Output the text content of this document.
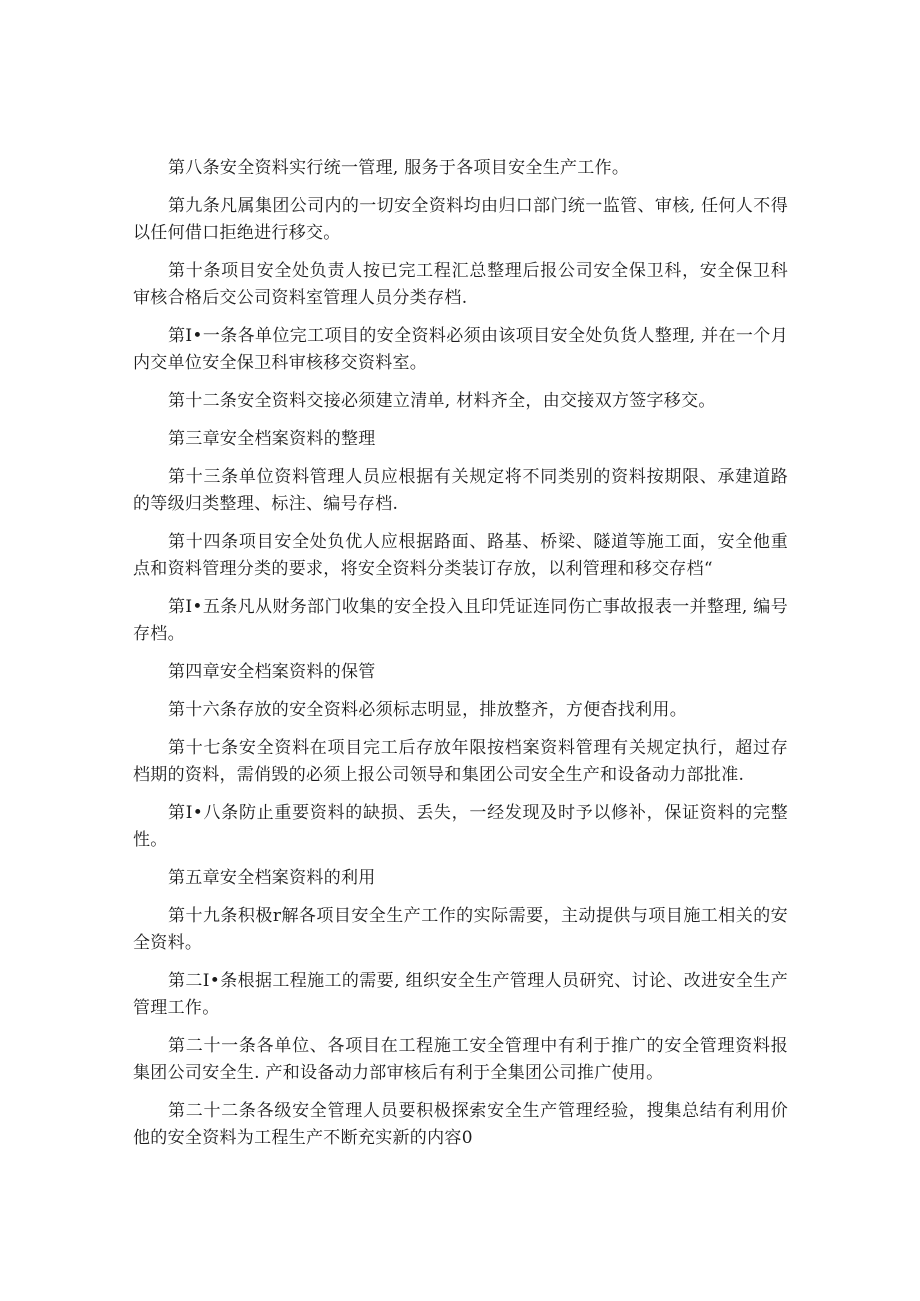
第八条安全资料实行统一管理, 服务于各项目安全生产工作。

第九条凡属集团公司内的一切安全资料均由归口部门统一监管、审核, 任何人不得以任何借口拒绝进行移交。

第十条项目安全处负责人按已完工程汇总整理后报公司安全保卫科，安全保卫科审核合格后交公司资料室管理人员分类存档.

第I•一条各单位完工项目的安全资料必须由该项目安全处负货人整理, 并在一个月内交单位安全保卫科审核移交资料室。

第十二条安全资料交接必须建立清单, 材料齐全，由交接双方签字移交。

第三章安全档案资料的整理

第十三条单位资料管理人员应根据有关规定将不同类别的资料按期限、承建道路的等级归类整理、标注、编号存档.

第十四条项目安全处负优人应根据路面、路基、桥梁、隧道等施工面，安全他重点和资料管理分类的要求，将安全资料分类装订存放，以利管理和移交存档“

第I•五条凡从财务部门收集的安全投入且印凭证连同伤亡事故报表一并整理, 编号存档。

第四章安全档案资料的保管

第十六条存放的安全资料必须标志明显，排放整齐，方便杳找利用。

第十七条安全资料在项目完工后存放年限按档案资料管理有关规定执行，超过存档期的资料，需俏毁的必须上报公司领导和集团公司安全生产和设备动力部批准.

第I•八条防止重要资料的缺损、丢失，一经发现及时予以修补，保证资料的完整性。

第五章安全档案资料的利用

第十九条积极r解各项目安全生产工作的实际需要，主动提供与项目施工相关的安全资料。

第二I•条根据工程施工的需要, 组织安全生产管理人员研究、讨论、改进安全生产管理工作。

第二十一条各单位、各项目在工程施工安全管理中有利于推广的安全管理资料报集团公司安全生. 产和设备动力部审核后有利于全集团公司推广使用。

第二十二条各级安全管理人员要积极探索安全生产管理经验，搜集总结有利用价他的安全资料为工程生产不断充实新的内容0
